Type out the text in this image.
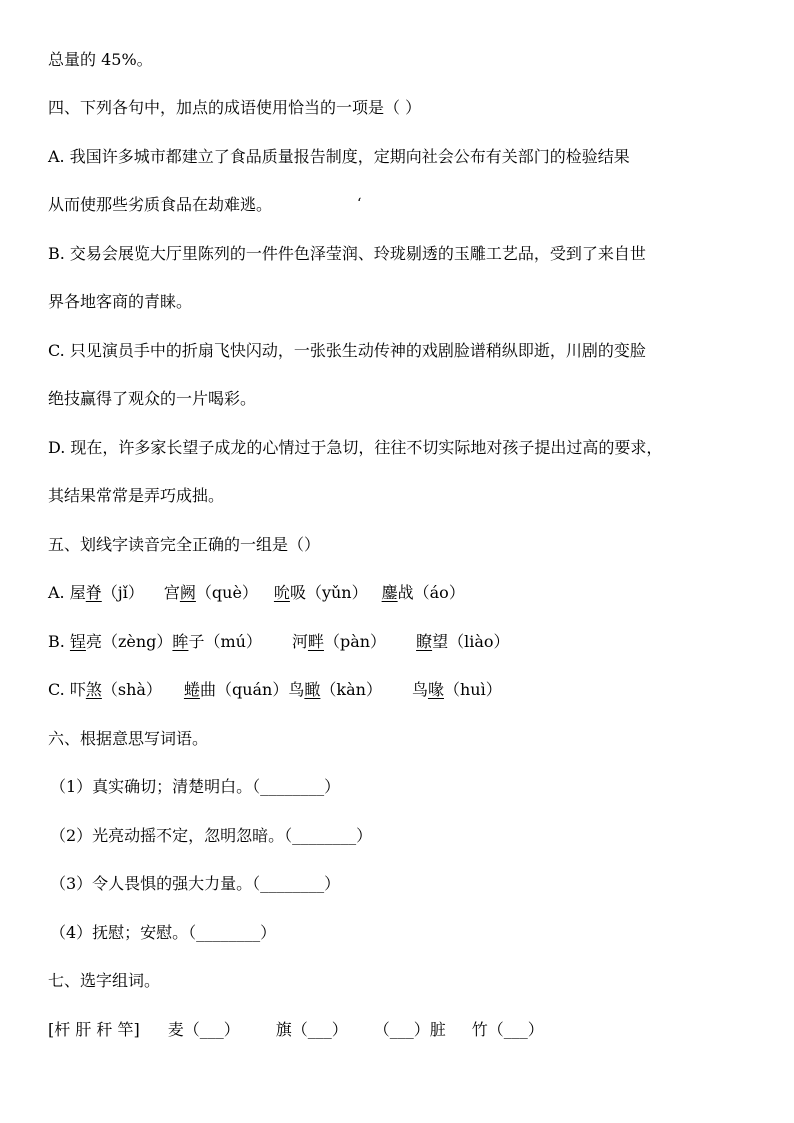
总量的 45%。
四、下列各句中，加点的成语使用恰当的一项是（ ）
A. 我国许多城市都建立了食品质量报告制度，定期向社会公布有关部门的检验结果
从而使那些劣质食品在劫难逃。	‘
B. 交易会展览大厅里陈列的一件件色泽莹润、玲珑剔透的玉雕工艺品，受到了来自世
界各地客商的青睐。
C. 只见演员手中的折扇飞快闪动，一张张生动传神的戏剧脸谱稍纵即逝，川剧的变脸
绝技赢得了观众的一片喝彩。
D. 现在，许多家长望子成龙的心情过于急切，往往不切实际地对孩子提出过高的要求，
其结果常常是弄巧成拙。
五、划线字读音完全正确的一组是（）
A. 屋脊（jǐ） 宫阙（què） 吮吸（yǔn） 鏖战（áo）
B. 锃亮（zèng）眸子（mú） 河畔（pàn） 瞭望（liào）
C. 吓煞（shà） 蜷曲（quán）鸟瞰（kàn） 鸟喙（huì）
六、根据意思写词语。
（1）真实确切；清楚明白。（________）
（2）光亮动摇不定，忽明忽暗。（________）
（3）令人畏惧的强大力量。（________）
（4）抚慰；安慰。（________）
七、选字组词。
[杆 肝 秆 竿] 麦（___） 旗（___） （___）脏 竹（___）
